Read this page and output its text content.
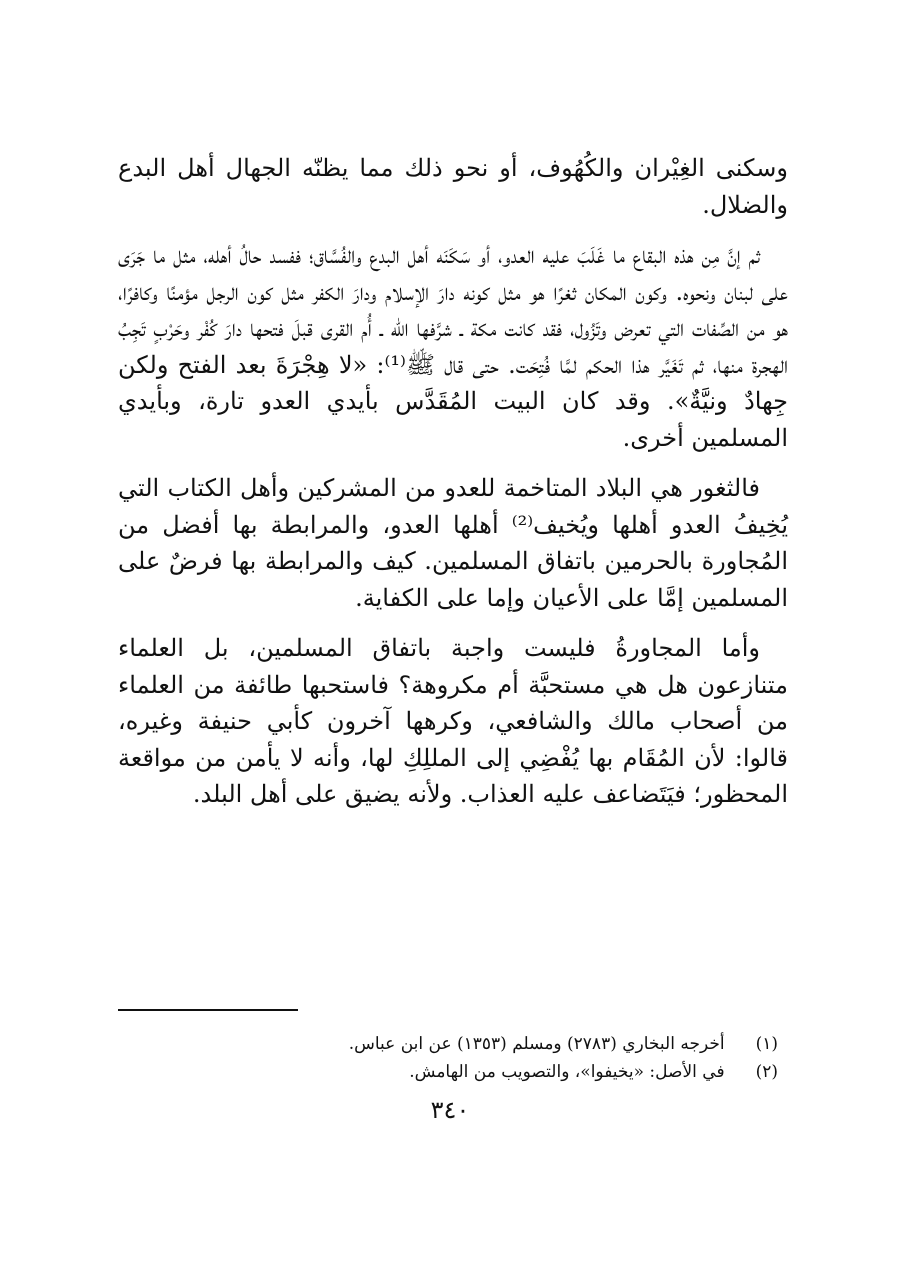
وسكنى الغِيْران والكُهُوف، أو نحو ذلك مما يظنّه الجهال أهل البدع والضلال.

ثم إنَّ مِن هذه البقاع ما غَلَبَ عليه العدو، أو سَكَنَه أهل البدع والفُسَّاق؛ ففسد حالُ أهله، مثل ما جَرَى على لبنان ونحوه. وكون المكان ثغرًا هو مثل كونه دارَ الإسلام ودارَ الكفر مثل كون الرجل مؤمنًا وكافرًا، هو من الصِّفات التي تعرض وتَزُول، فقد كانت مكة ـ شرَّفها الله ـ أُم القرى قبلَ فتحها دارَ كُفْر وحَرْبٍ تَجِبُ الهجرة منها، ثم تَغَيَّر هذا الحكم لمَّا فُتِحَت. حتى قال ﷺ⁽¹⁾: «لا هِجْرَةَ بعد الفتح ولكن جِهادٌ ونيَّةٌ». وقد كان البيت المُقَدَّس بأيدي العدو تارة، وبأيدي المسلمين أخرى.

فالثغور هي البلاد المتاخمة للعدو من المشركين وأهل الكتاب التي يُخِيفُ العدو أهلها ويُخيف⁽²⁾ أهلها العدو، والمرابطة بها أفضل من المُجاورة بالحرمين باتفاق المسلمين. كيف والمرابطة بها فرضٌ على المسلمين إمَّا على الأعيان وإما على الكفاية.

وأما المجاورةُ فليست واجبة باتفاق المسلمين، بل العلماء متنازعون هل هي مستحبَّة أم مكروهة؟ فاستحبها طائفة من العلماء من أصحاب مالك والشافعي، وكرهها آخرون كأبي حنيفة وغيره، قالوا: لأن المُقَام بها يُفْضِي إلى المللِكِ لها، وأنه لا يأمن من مواقعة المحظور؛ فيَتَضاعف عليه العذاب. ولأنه يضيق على أهل البلد.

(١) أخرجه البخاري (٢٧٨٣) ومسلم (١٣٥٣) عن ابن عباس.
(٢) في الأصل: «يخيفوا»، والتصويب من الهامش.
٣٤٠
